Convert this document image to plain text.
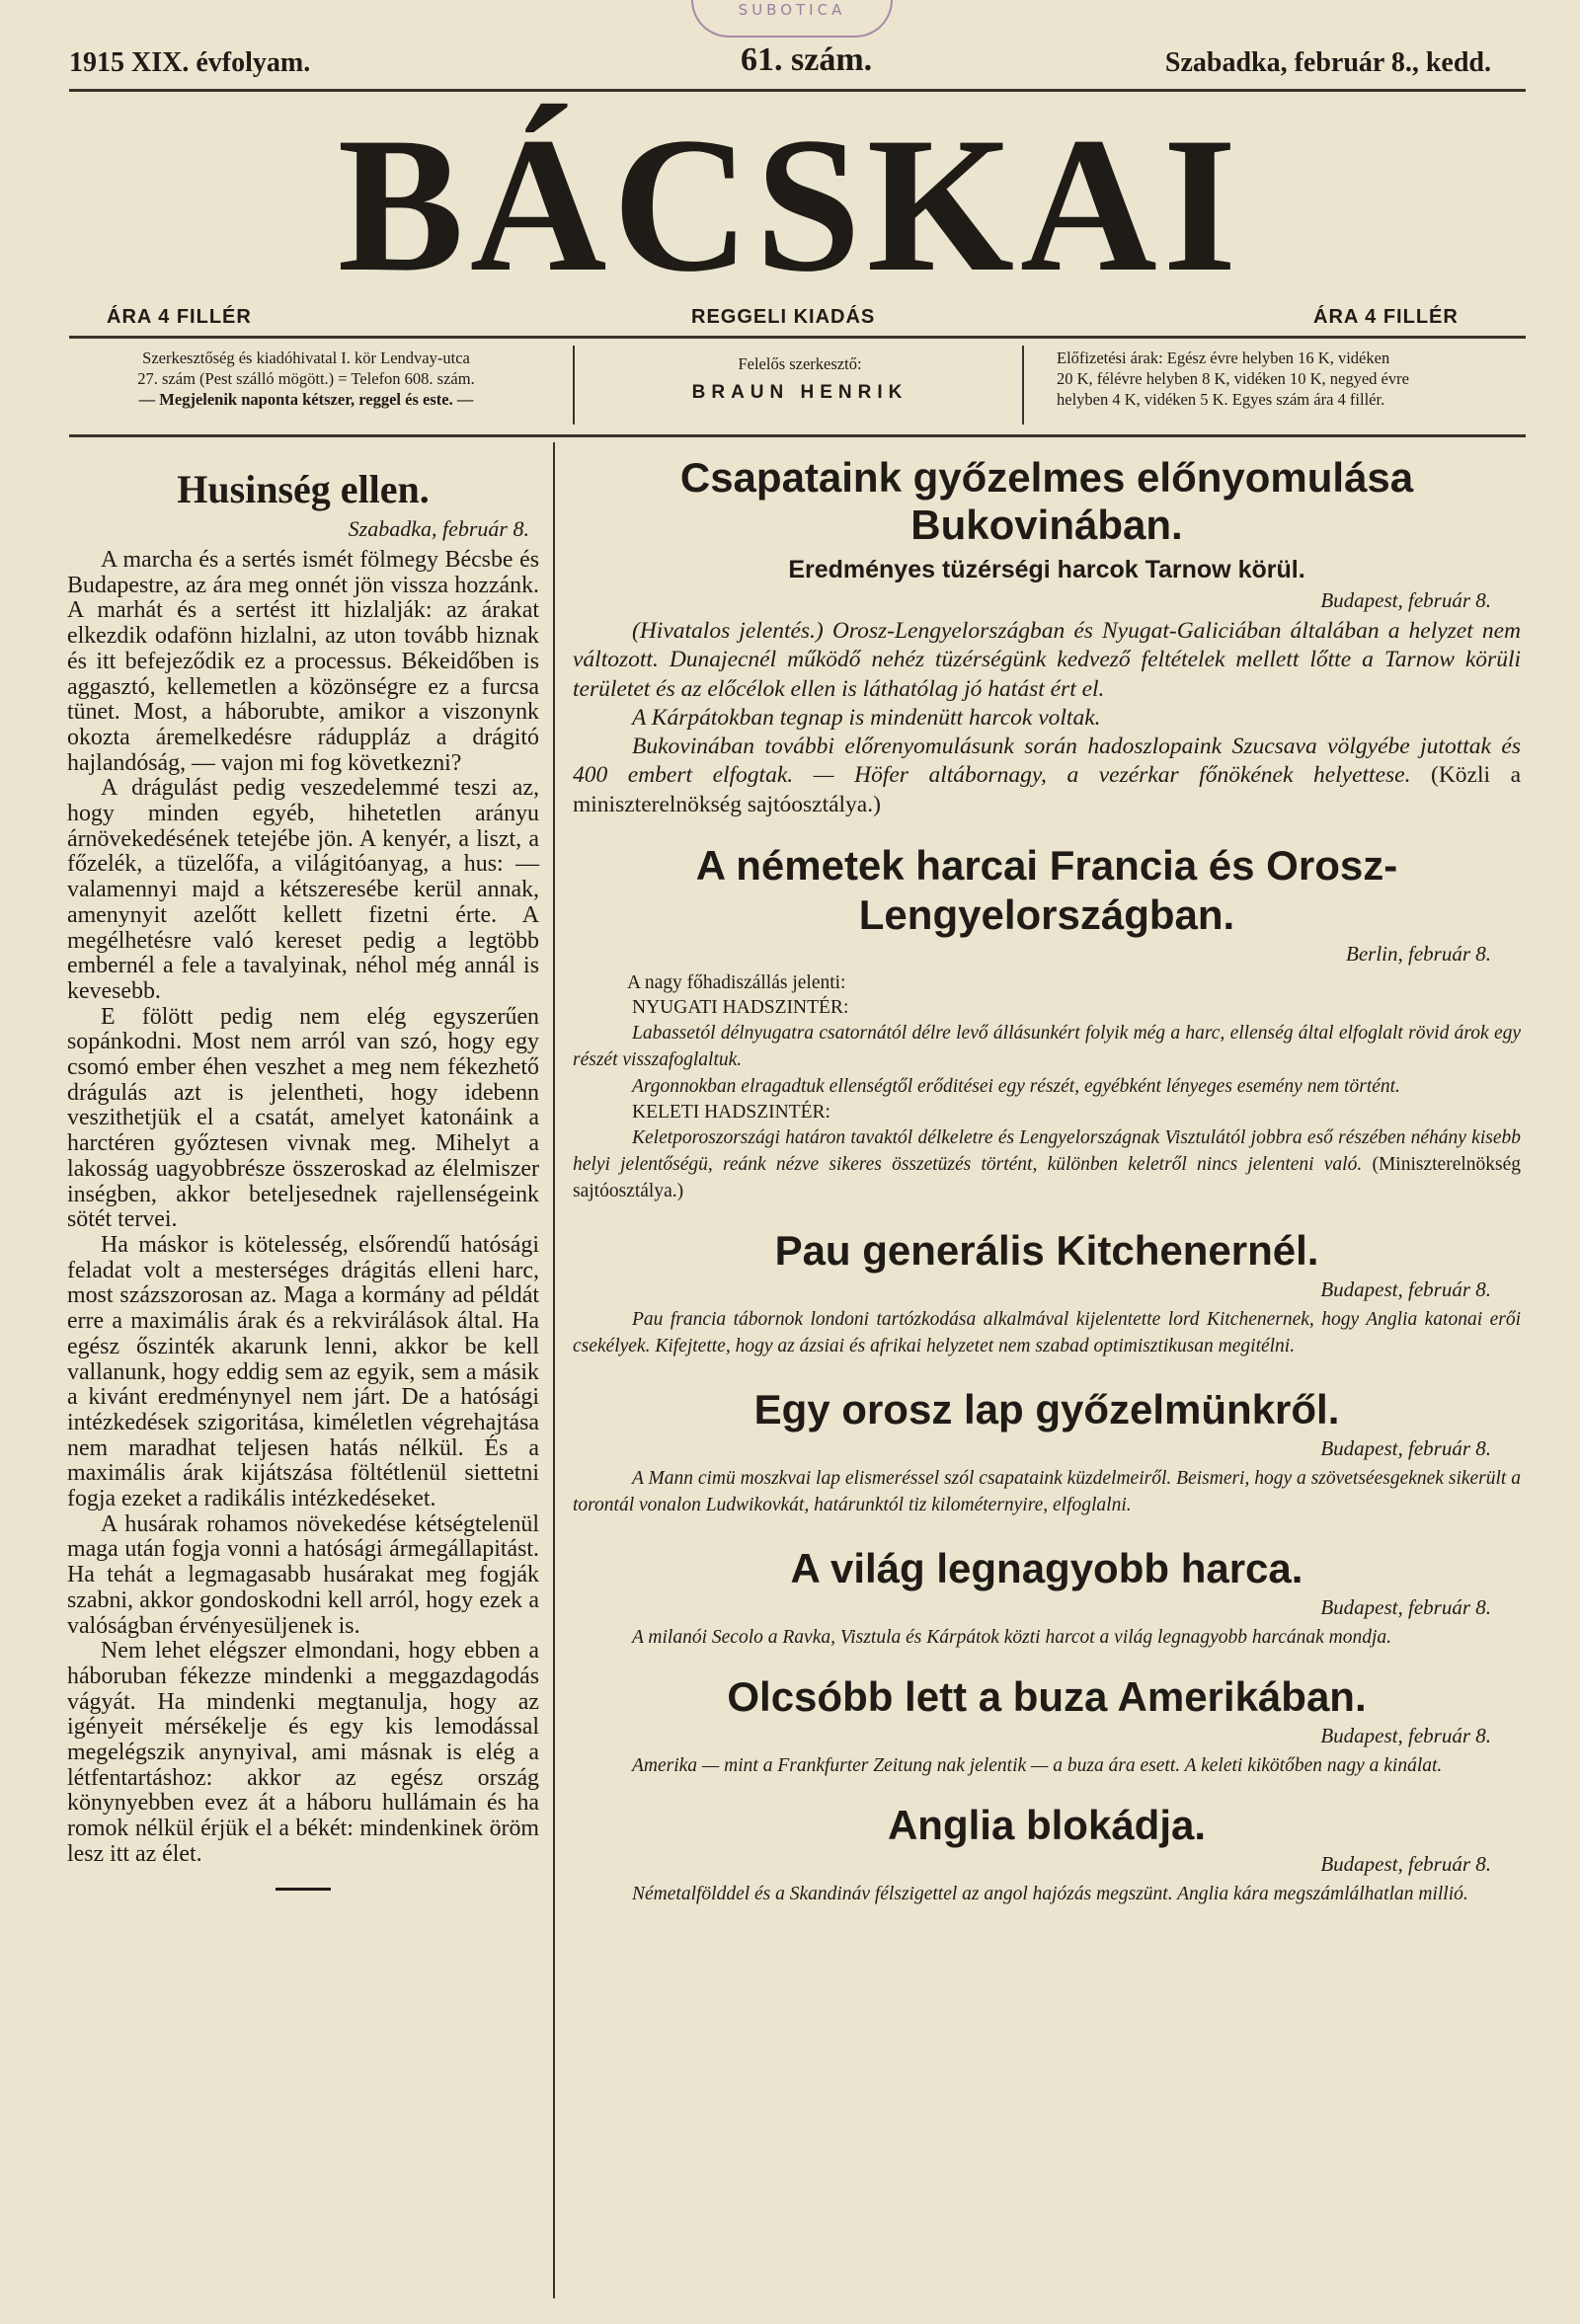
SUBOTICA
1915 XIX. évfolyam.	61. szám.	Szabadka, február 8., kedd.
BÁCSKAI
ÁRA 4 FILLÉR	REGGELI KIADÁS	ÁRA 4 FILLÉR
Szerkesztőség és kiadóhivatal I. kör Lendvay-utca
27. szám (Pest szálló mögött.) = Telefon 608. szám.
— Megjelenik naponta kétszer, reggel és este. —
Felelős szerkesztő:
BRAUN HENRIK
Előfizetési árak: Egész évre helyben 16 K, vidéken
20 K, félévre helyben 8 K, vidéken 10 K, negyed évre
helyben 4 K, vidéken 5 K. Egyes szám ára 4 fillér.
Husinség ellen.
Szabadka, február 8.

A marcha és a sertés ismét fölmegy Bécsbe és Budapestre, az ára meg onnét jön vissza hozzánk. A marhát és a sertést itt hizlalják: az árakat elkezdik odafönn hizlalni, az uton tovább hiznak és itt befejeződik ez a processus. Békeidőben is aggasztó, kellemetlen a közönségre ez a furcsa tünet. Most, a háborubte, amikor a viszonynk okozta áremelkedésre ráduppláz a drágitó hajlandóság, — vajon mi fog következni?

A drágulást pedig veszedelemmé teszi az, hogy minden egyéb, hihetetlen arányu árnövekedésének tetejébe jön. A kenyér, a liszt, a főzelék, a tüzelőfa, a világitóanyag, a hus: — valamennyi majd a kétszeresébe kerül annak, amenynyit azelőtt kellett fizetni érte. A megélhetésre való kereset pedig a legtöbb embernél a fele a tavalyinak, néhol még annál is kevesebb.

E fölött pedig nem elég egyszerűen sopánkodni. Most nem arról van szó, hogy egy csomó ember éhen veszhet a meg nem fékezhető drágulás azt is jelentheti, hogy idebenn veszithetjük el a csatát, amelyet katonáink a harctéren győztesen vivnak meg. Mihelyt a lakosság uagyobbrésze összeroskad az élelmiszer inségben, akkor beteljesednek rajellenségeink sötét tervei.

Ha máskor is kötelesség, elsőrendű hatósági feladat volt a mesterséges drágitás elleni harc, most százszorosan az. Maga a kormány ad példát erre a maximális árak és a rekvirálások által. Ha egész őszinték akarunk lenni, akkor be kell vallanunk, hogy eddig sem az egyik, sem a másik a kivánt eredménynyel nem járt. De a hatósági intézkedések szigoritása, kiméletlen végrehajtása nem maradhat teljesen hatás nélkül. És a maximális árak kijátszása föltétlenül siettetni fogja ezeket a radikális intézkedéseket.

A husárak rohamos növekedése kétségtelenül maga után fogja vonni a hatósági ármegállapitást. Ha tehát a legmagasabb husárakat meg fogják szabni, akkor gondoskodni kell arról, hogy ezek a valóságban érvényesüljenek is.

Nem lehet elégszer elmondani, hogy ebben a háboruban fékezze mindenki a meggazdagodás vágyát. Ha mindenki megtanulja, hogy az igényeit mérsékelje és egy kis lemodással megelégszik anynyival, ami másnak is elég a létfentartáshoz: akkor az egész ország könynyebben evez át a háboru hullámain és ha romok nélkül érjük el a békét: mindenkinek öröm lesz itt az élet.

Csapataink győzelmes előnyomulása

Bukovinában.

Eredményes tüzérségi harcok Tarnow körül.

Budapest, február 8.

(Hivatalos jelentés.) Orosz-Lengyelországban és Nyugat-Galiciában általában a helyzet nem változott. Dunajecnél működő nehéz tüzérségünk kedvező feltételek mellett lőtte a Tarnow körüli területet és az előcélok ellen is láthatólag jó hatást ért el.

A Kárpátokban tegnap is mindenütt harcok voltak.

Bukovinában további előrenyomulásunk során hadoszlopaink Szucsava völgyébe jutottak és 400 embert elfogtak. — Höfer altábornagy, a vezérkar főnökének helyettese. (Közli a miniszterelnökség sajtóosztálya.)

A németek harcai Francia és Orosz-

Lengyelországban.

Berlin, február 8.

A nagy főhadiszállás jelenti:

NYUGATI HADSZINTÉR:

Labassetól délnyugatra csatornától délre levő állásunkért folyik még a harc, ellenség által elfoglalt rövid árok egy részét visszafoglaltuk.

Argonnokban elragadtuk ellenségtől erőditései egy részét, egyébként lényeges esemény nem történt.

KELETI HADSZINTÉR:

Keletporoszországi határon tavaktól délkeletre és Lengyelországnak Visztulától jobbra eső részében néhány kisebb helyi jelentőségü, reánk nézve sikeres összetüzés történt, különben keletről nincs jelenteni való. (Miniszterelnökség sajtóosztálya.)

Pau generális Kitchenernél.

Budapest, február 8.

Pau francia tábornok londoni tartózkodása alkalmával kijelentette lord Kitchenernek, hogy Anglia katonai erői csekélyek. Kifejtette, hogy az ázsiai és afrikai helyzetet nem szabad optimisztikusan megitélni.

Egy orosz lap győzelmünkről.

Budapest, február 8.

A Mann cimü moszkvai lap elismeréssel szól csapataink küzdelmeiről. Beismeri, hogy a szövetséesgeknek sikerült a torontál vonalon Ludwikovkát, határunktól tiz kilométernyire, elfoglalni.

A világ legnagyobb harca.

Budapest, február 8.

A milanói Secolo a Ravka, Visztula és Kárpátok közti harcot a világ legnagyobb harcának mondja.

Olcsóbb lett a buza Amerikában.

Budapest, február 8.

Amerika — mint a Frankfurter Zeitung nak jelentik — a buza ára esett. A keleti kikötőben nagy a kinálat.

Anglia blokádja.

Budapest, február 8.

Németalfölddel és a Skandináv félszigettel az angol hajózás megszünt. Anglia kára megszámlálhatlan millió.
